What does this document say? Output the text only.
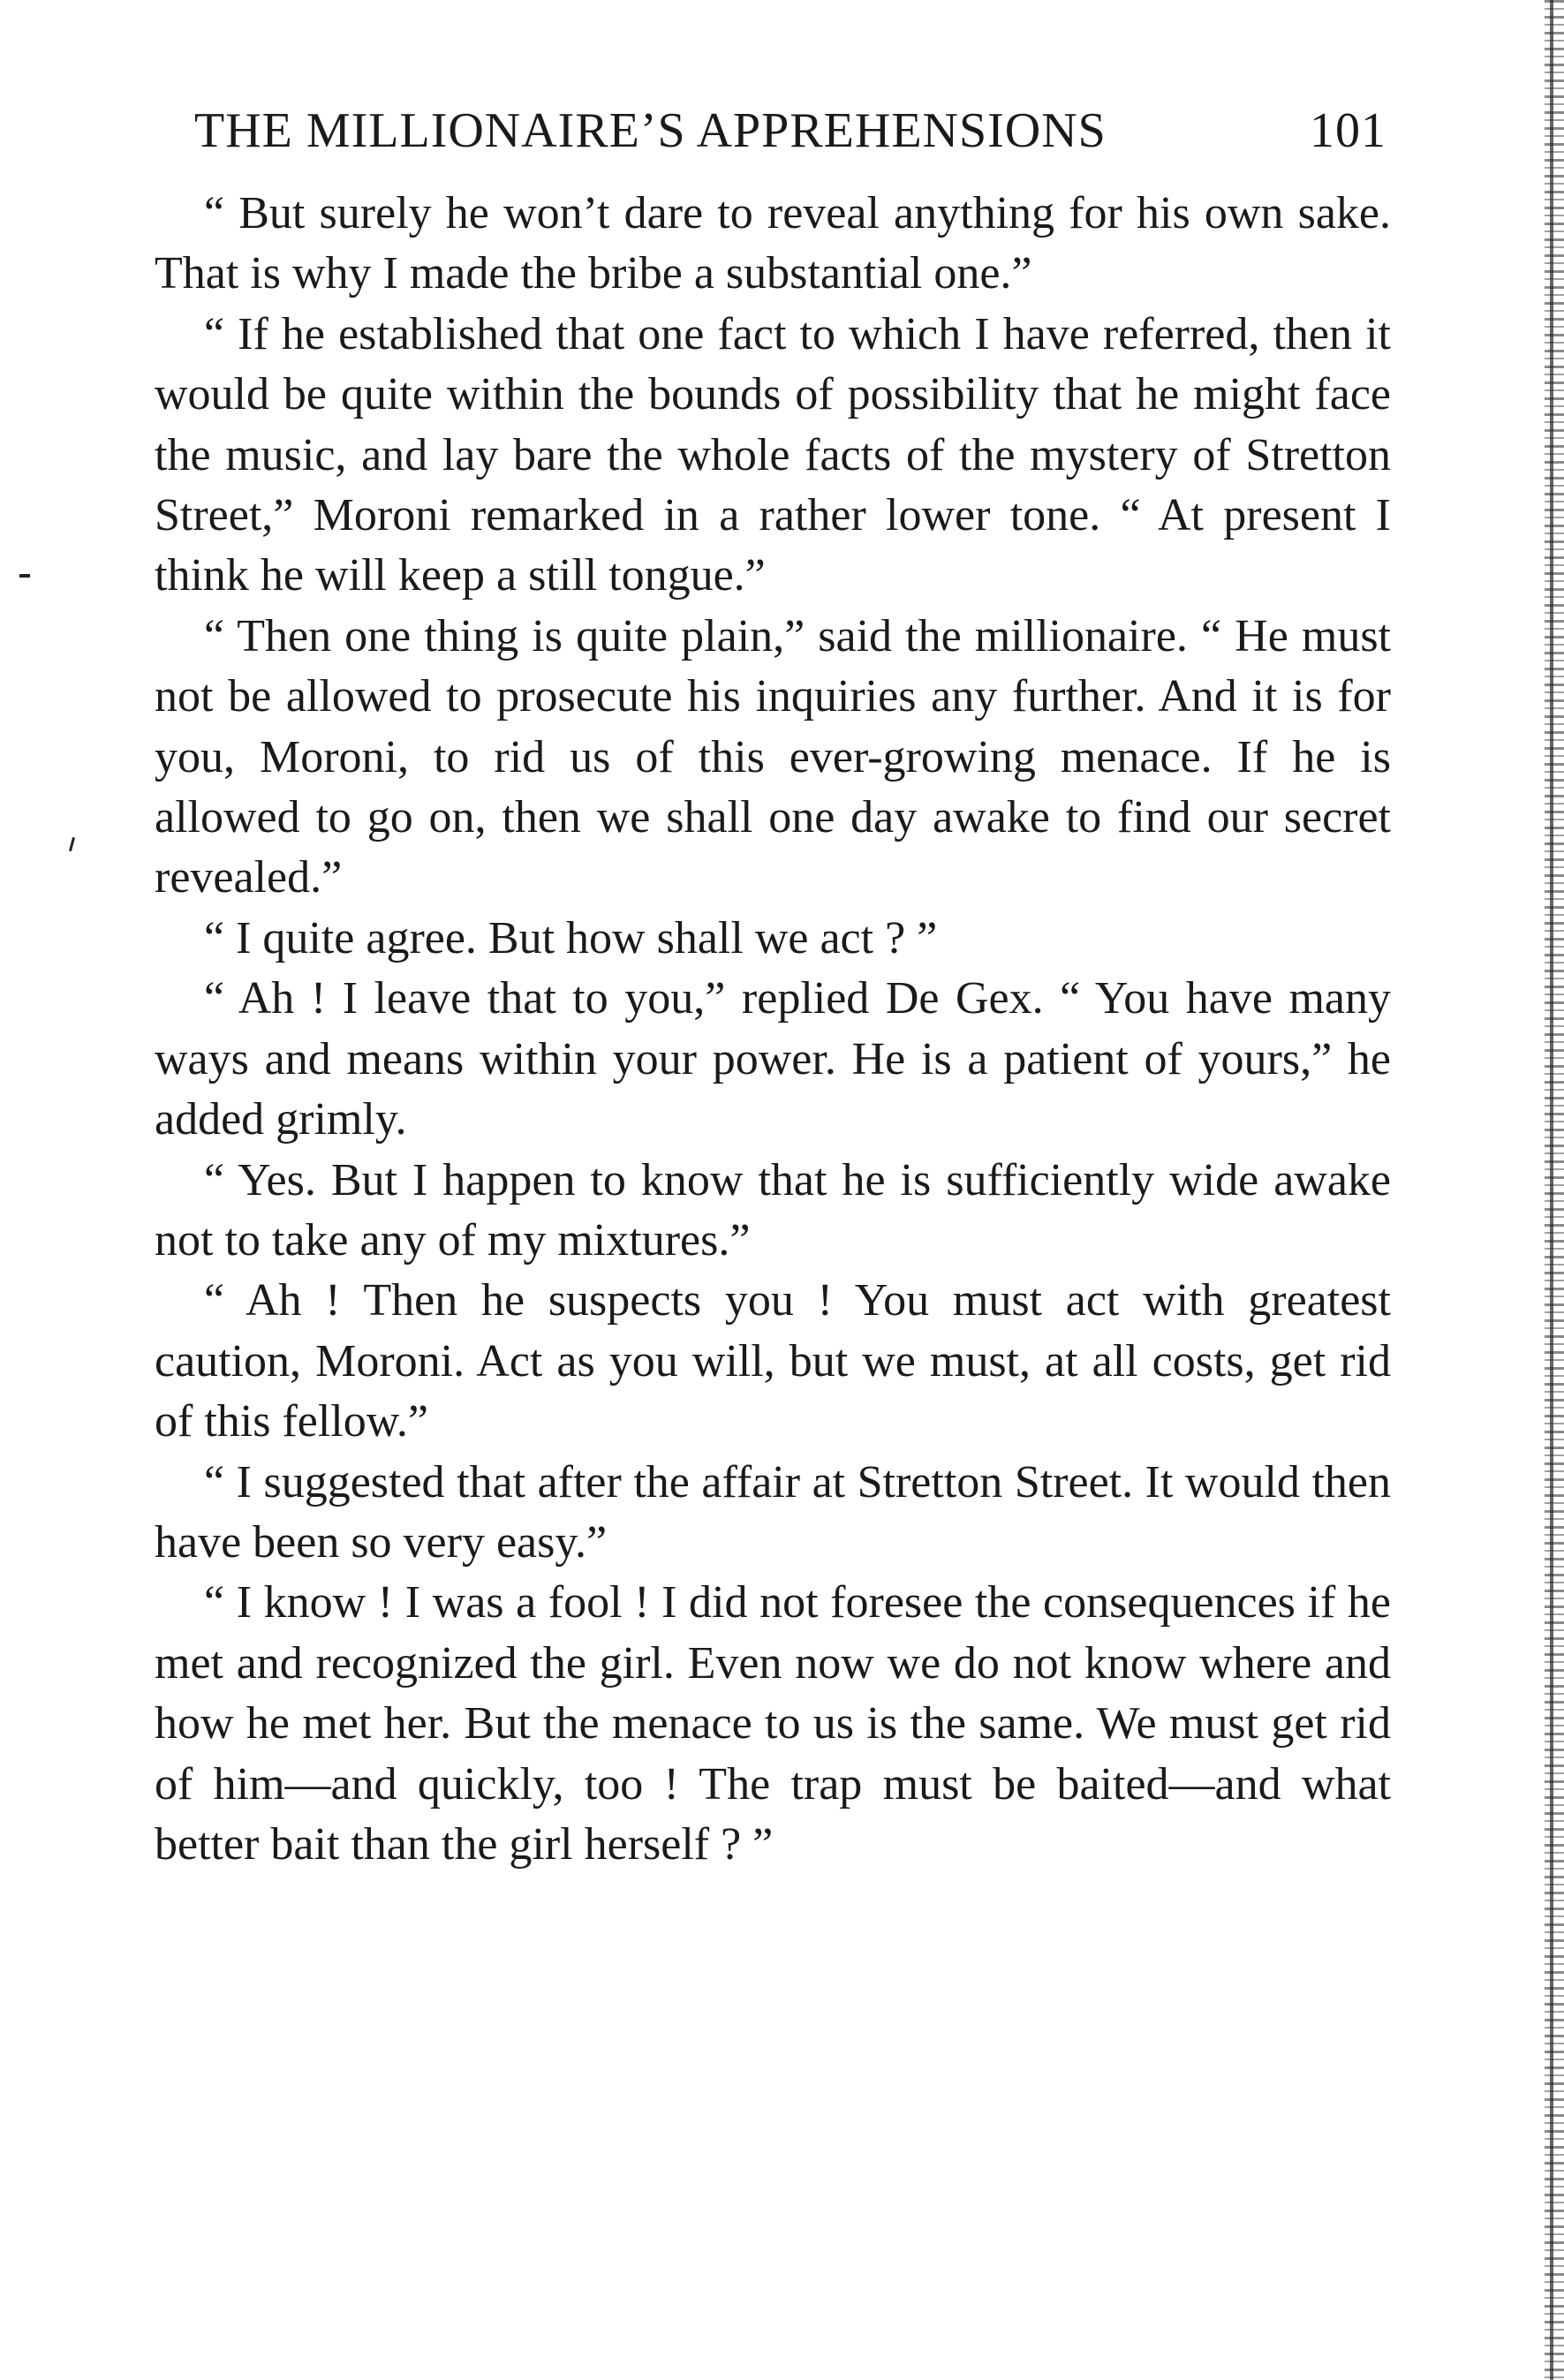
THE MILLIONAIRE’S APPREHENSIONS	101

“ But surely he won’t dare to reveal anything for his own sake. That is why I made the bribe a substantial one.”

“ If he established that one fact to which I have referred, then it would be quite within the bounds of possibility that he might face the music, and lay bare the whole facts of the mystery of Stretton Street,” Moroni remarked in a rather lower tone. “ At present I think he will keep a still tongue.”

“ Then one thing is quite plain,” said the millionaire. “ He must not be allowed to prosecute his inquiries any further. And it is for you, Moroni, to rid us of this ever-growing menace. If he is allowed to go on, then we shall one day awake to find our secret revealed.”

“ I quite agree. But how shall we act ? ”

“ Ah ! I leave that to you,” replied De Gex. “ You have many ways and means within your power. He is a patient of yours,” he added grimly.

“ Yes. But I happen to know that he is sufficiently wide awake not to take any of my mixtures.”

“ Ah ! Then he suspects you ! You must act with greatest caution, Moroni. Act as you will, but we must, at all costs, get rid of this fellow.”

“ I suggested that after the affair at Stretton Street. It would then have been so very easy.”

“ I know ! I was a fool ! I did not foresee the consequences if he met and recognized the girl. Even now we do not know where and how he met her. But the menace to us is the same. We must get rid of him—and quickly, too ! The trap must be baited—and what better bait than the girl herself ? ”
